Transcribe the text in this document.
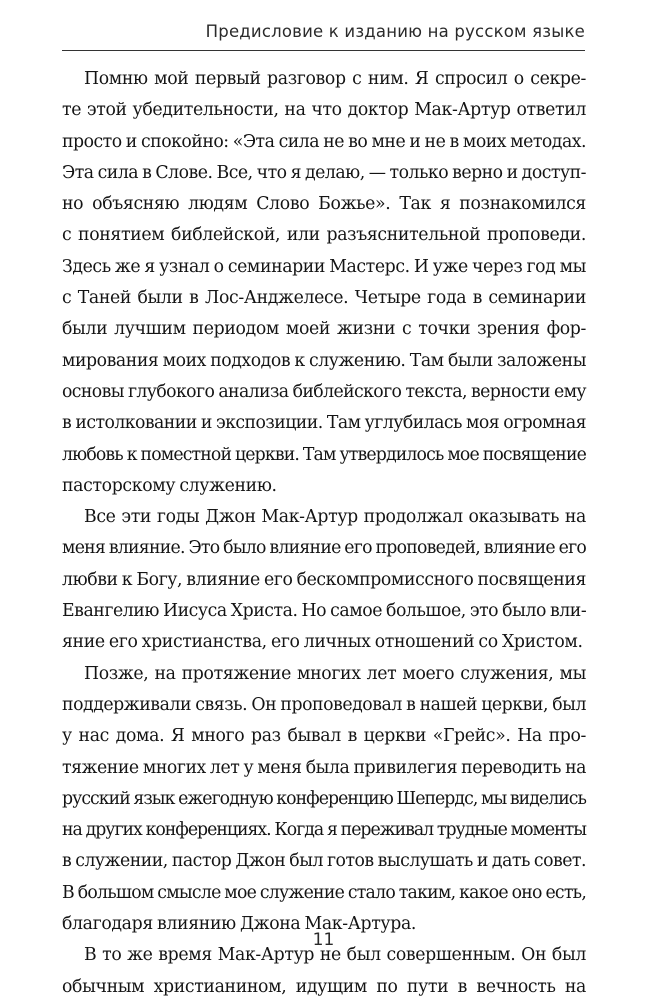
Предисловие к изданию на русском языке
Помню мой первый разговор с ним. Я спросил о секре-
те этой убедительности, на что доктор Мак-Артур ответил
просто и спокойно: «Эта сила не во мне и не в моих методах.
Эта сила в Слове. Все, что я делаю, — только верно и доступ-
но объясняю людям Слово Божье». Так я познакомился
с понятием библейской, или разъяснительной проповеди.
Здесь же я узнал о семинарии Мастерс. И уже через год мы
с Таней были в Лос-Анджелесе. Четыре года в семинарии
были лучшим периодом моей жизни с точки зрения фор-
мирования моих подходов к служению. Там были заложены
основы глубокого анализа библейского текста, верности ему
в истолковании и экспозиции. Там углубилась моя огромная
любовь к поместной церкви. Там утвердилось мое посвящение
пасторскому служению.
Все эти годы Джон Мак-Артур продолжал оказывать на
меня влияние. Это было влияние его проповедей, влияние его
любви к Богу, влияние его бескомпромиссного посвящения
Евангелию Иисуса Христа. Но самое большое, это было вли-
яние его христианства, его личных отношений со Христом.
Позже, на протяжение многих лет моего служения, мы
поддерживали связь. Он проповедовал в нашей церкви, был
у нас дома. Я много раз бывал в церкви «Грейс». На про-
тяжение многих лет у меня была привилегия переводить на
русский язык ежегодную конференцию Шепердс, мы виделись
на других конференциях. Когда я переживал трудные моменты
в служении, пастор Джон был готов выслушать и дать совет.
В большом смысле мое служение стало таким, какое оно есть,
благодаря влиянию Джона Мак-Артура.
В то же время Мак-Артур не был совершенным. Он был
обычным христианином, идущим по пути в вечность на
11
